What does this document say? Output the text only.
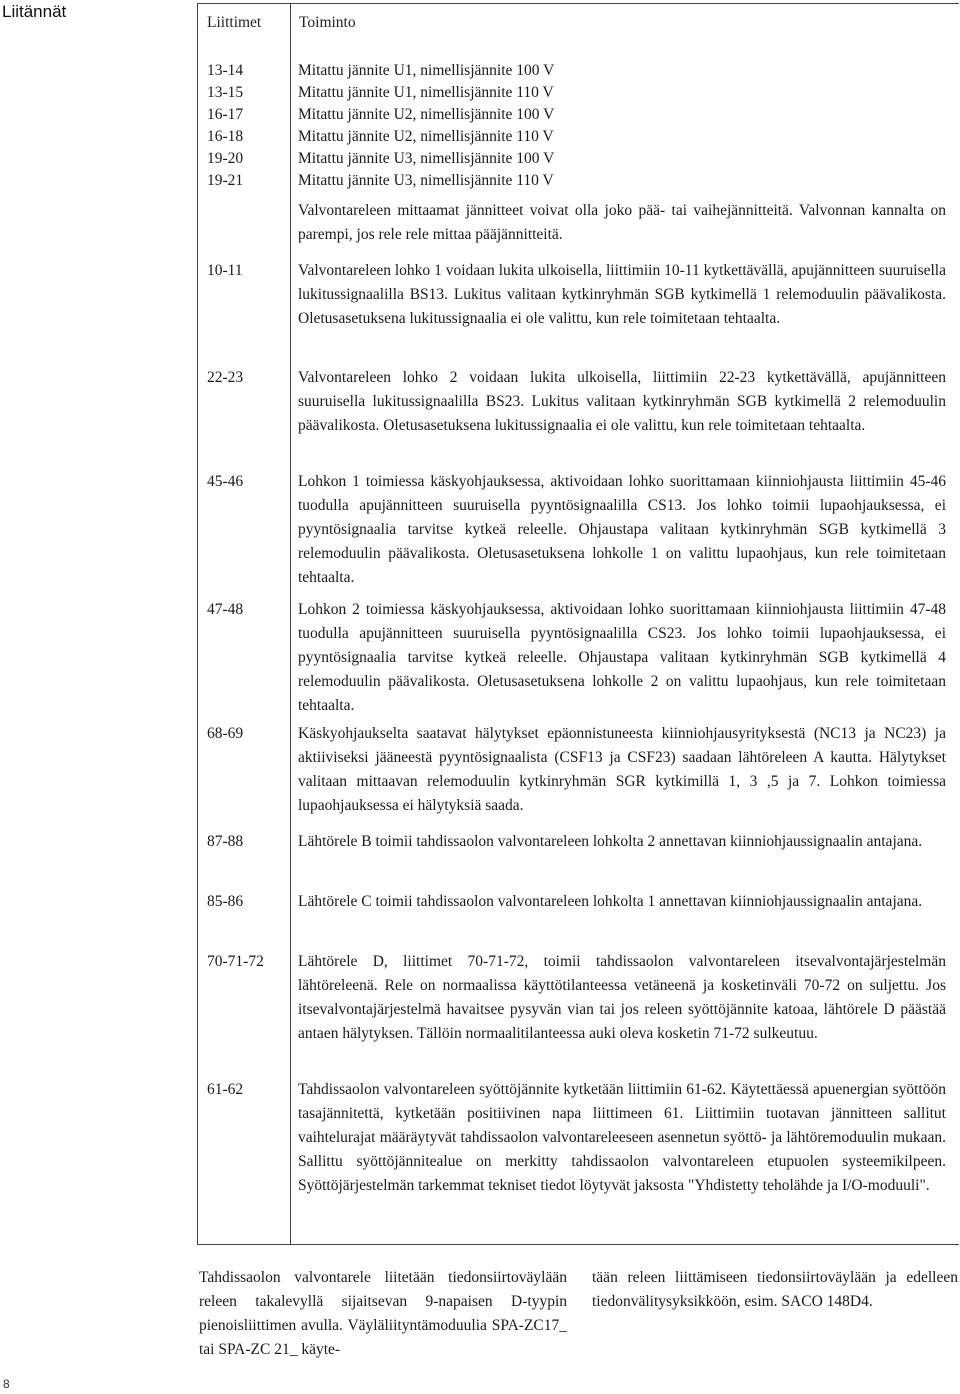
Liitännät
Liittimet Toiminto
13-14	Mitattu jännite U1, nimellisjännite 100 V
13-15	Mitattu jännite U1, nimellisjännite 110 V
16-17	Mitattu jännite U2, nimellisjännite 100 V
16-18	Mitattu jännite U2, nimellisjännite 110 V
19-20	Mitattu jännite U3, nimellisjännite 100 V
19-21	Mitattu jännite U3, nimellisjännite 110 V
Valvontareleen mittaamat jännitteet voivat olla joko pää- tai vaihejännitteitä. Valvonnan kannalta on parempi, jos rele rele mittaa pääjännitteitä.
10-11	Valvontareleen lohko 1 voidaan lukita ulkoisella, liittimiin 10-11 kytkettävällä, apujännitteen suuruisella lukitussignaalilla BS13. Lukitus valitaan kytkinryhmän SGB kytkimellä 1 relemoduulin päävalikosta. Oletusasetuksena lukitussignaalia ei ole valittu, kun rele toimitetaan tehtaalta.
22-23	Valvontareleen lohko 2 voidaan lukita ulkoisella, liittimiin 22-23 kytkettävällä, apujännitteen suuruisella lukitussignaalilla BS23. Lukitus valitaan kytkinryhmän SGB kytkimellä 2 relemoduulin päävalikosta. Oletusasetuksena lukitussignaalia ei ole valittu, kun rele toimitetaan tehtaalta.
45-46	Lohkon 1 toimiessa käskyohjauksessa, aktivoidaan lohko suorittamaan kiinniohjausta liittimiin 45-46 tuodulla apujännitteen suuruisella pyyntösignaalilla CS13. Jos lohko toimii lupaohjauksessa, ei pyyntösignaalia tarvitse kytkeä releelle. Ohjaustapa valitaan kytkinryhmän SGB kytkimellä 3 relemoduulin päävalikosta. Oletusasetuksena lohkolle 1 on valittu lupaohjaus, kun rele toimitetaan tehtaalta.
47-48	Lohkon 2 toimiessa käskyohjauksessa, aktivoidaan lohko suorittamaan kiinniohjausta liittimiin 47-48 tuodulla apujännitteen suuruisella pyyntösignaalilla CS23. Jos lohko toimii lupaohjauksessa, ei pyyntösignaalia tarvitse kytkeä releelle. Ohjaustapa valitaan kytkinryhmän SGB kytkimellä 4 relemoduulin päävalikosta. Oletusasetuksena lohkolle 2 on valittu lupaohjaus, kun rele toimitetaan tehtaalta.
68-69	Käskyohjaukselta saatavat hälytykset epäonnistuneesta kiinniohjausyrityksestä (NC13 ja NC23) ja aktiiviseksi jääneestä pyyntösignaalista (CSF13 ja CSF23) saadaan lähtöreleen A kautta. Hälytykset valitaan mittaavan relemoduulin kytkinryhmän SGR kytkimillä 1, 3 ,5 ja 7. Lohkon toimiessa lupaohjauksessa ei hälytyksiä saada.
87-88	Lähtörele B toimii tahdissaolon valvontareleen lohkolta 2 annettavan kiinniohjaussignaalin antajana.
85-86	Lähtörele C toimii tahdissaolon valvontareleen lohkolta 1 annettavan kiinniohjaussignaalin antajana.
70-71-72	Lähtörele D, liittimet 70-71-72, toimii tahdissaolon valvontareleen itsevalvontajärjestelmän lähtöreleenä. Rele on normaalissa käyttötilanteessa vetäneenä ja kosketinväli 70-72 on suljettu. Jos itsevalvontajärjestelmä havaitsee pysyvän vian tai jos releen syöttöjännite katoaa, lähtörele D päästää antaen hälytyksen. Tällöin normaalitilanteessa auki oleva kosketin 71-72 sulkeutuu.
61-62	Tahdissaolon valvontareleen syöttöjännite kytketään liittimiin 61-62. Käytettäessä apuenergian syöttöön tasajännitettä, kytketään positiivinen napa liittimeen 61. Liittimiin tuotavan jännitteen sallitut vaihtelurajat määräytyvät tahdissaolon valvontareleeseen asennetun syöttö- ja lähtöremoduulin mukaan. Sallittu syöttöjännitealue on merkitty tahdissaolon valvontareleen etupuolen systeemikilpeen. Syöttöjärjestelmän tarkemmat tekniset tiedot löytyvät jaksosta "Yhdistetty teholähde ja I/O-moduuli".
Tahdissaolon valvontarele liitetään tiedonsiirtoväylään releen takalevyllä sijaitsevan 9-napaisen D-tyypin pienoisliittimen avulla. Väyläliityntämoduulia SPA-ZC17_ tai SPA-ZC 21_ käyte-
tään releen liittämiseen tiedonsiirtoväylään ja edelleen tiedonvälitysyksikköön, esim. SACO 148D4.
8
